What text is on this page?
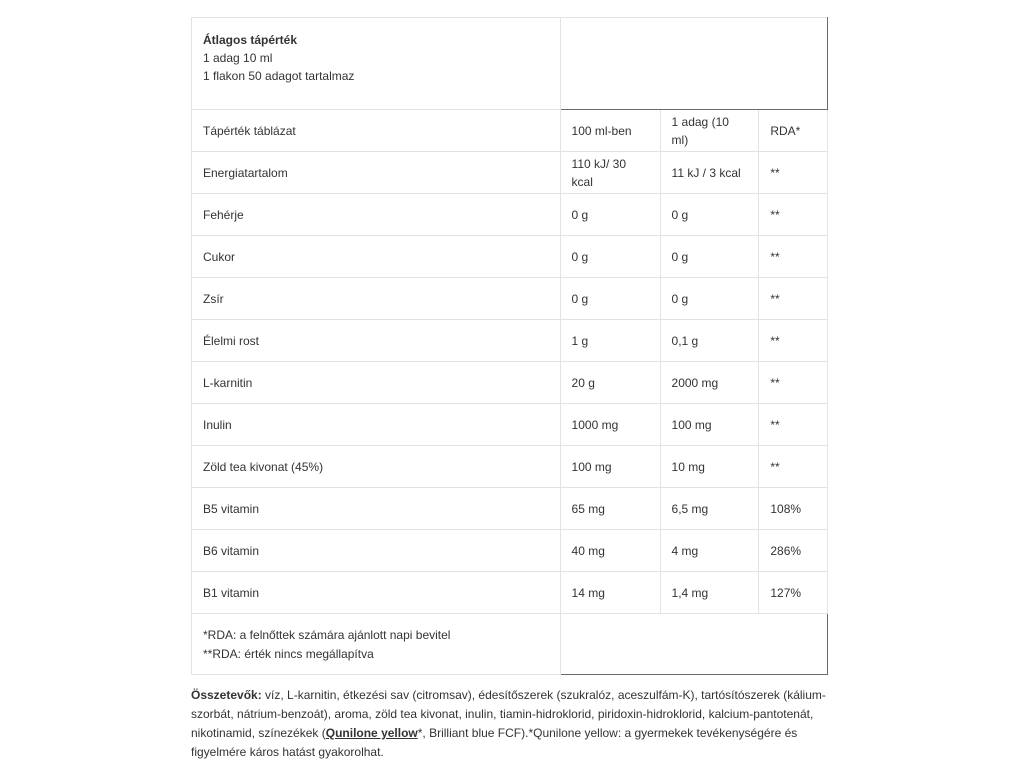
Átlagos tápérték
1 adag 10 ml
1 flakon 50 adagot tartalmaz			

Tápérték táblázat	100 ml-ben	1 adag (10 ml)	RDA*
Energiatartalom	110 kJ/ 30 kcal	11 kJ / 3 kcal	**
Fehérje	0 g	0 g	**
Cukor	0 g	0 g	**
Zsír	0 g	0 g	**
Élelmi rost	1 g	0,1 g	**
L-karnitin	20 g	2000 mg	**
Inulin	1000 mg	100 mg	**
Zöld tea kivonat (45%)	100 mg	10 mg	**
B5 vitamin	65 mg	6,5 mg	108%
B6 vitamin	40 mg	4 mg	286%
B1 vitamin	14 mg	1,4 mg	127%

*RDA: a felnőttek számára ajánlott napi bevitel
**RDA: érték nincs megállapítva			

Összetevők: víz, L-karnitin, étkezési sav (citromsav), édesítőszerek (szukralóz, aceszulfám-K), tartósítószerek (kálium-szorbát, nátrium-benzoát), aroma, zöld tea kivonat, inulin, tiamin-hidroklorid, piridoxin-hidroklorid, kalcium-pantotenát, nikotinamid, színezékek (Qunilone yellow*, Brilliant blue FCF).*Qunilone yellow: a gyermekek tevékenységére és figyelmére káros hatást gyakorolhat.
